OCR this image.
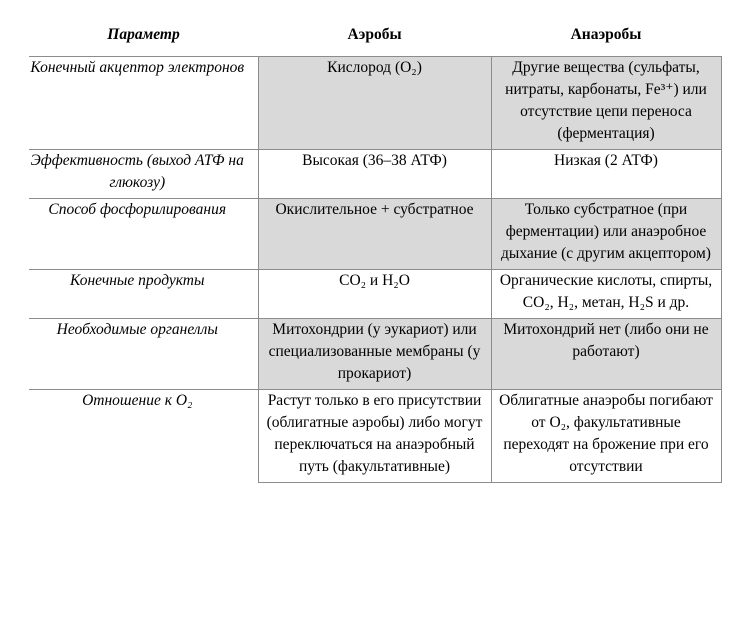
Параметр	Аэробы	Анаэробы
Конечный акцептор электронов	Кислород (O₂)	Другие вещества (сульфаты, нитраты, карбонаты, Fe³⁺) или отсутствие цепи переноса (ферментация)
Эффективность (выход АТФ на глюкозу)	Высокая (36–38 АТФ)	Низкая (2 АТФ)
Способ фосфорилирования	Окислительное + субстратное	Только субстратное (при ферментации) или анаэробное дыхание (с другим акцептором)
Конечные продукты	CO₂ и H₂O	Органические кислоты, спирты, CO₂, H₂, метан, H₂S и др.
Необходимые органеллы	Митохондрии (у эукариот) или специализованные мембраны (у прокариот)	Митохондрий нет (либо они не работают)
Отношение к O₂	Растут только в его присутствии (облигатные аэробы) либо могут переключаться на анаэробный путь (факультативные)	Облигатные анаэробы погибают от O₂, факультативные переходят на брожение при его отсутствии
